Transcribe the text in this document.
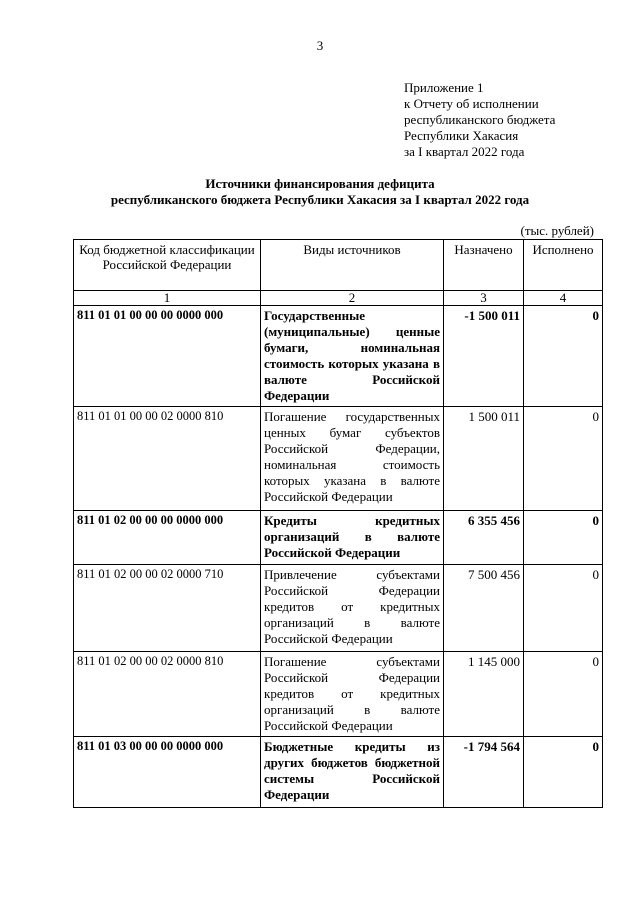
3
Приложение 1
к Отчету об исполнении
республиканского бюджета
Республики Хакасия
за I квартал 2022 года
Источники финансирования дефицита
республиканского бюджета Республики Хакасия за I квартал 2022 года
(тыс. рублей)
Код бюджетной классификации Российской Федерации	Виды источников	Назначено	Исполнено
1	2	3	4
811 01 01 00 00 00 0000 000	Государственные (муниципальные) ценные бумаги, номинальная стоимость которых указана в валюте Российской Федерации	-1 500 011	0
811 01 01 00 00 02 0000 810	Погашение государственных ценных бумаг субъектов Российской Федерации, номинальная стоимость которых указана в валюте Российской Федерации	1 500 011	0
811 01 02 00 00 00 0000 000	Кредиты кредитных организаций в валюте Российской Федерации	6 355 456	0
811 01 02 00 00 02 0000 710	Привлечение субъектами Российской Федерации кредитов от кредитных организаций в валюте Российской Федерации	7 500 456	0
811 01 02 00 00 02 0000 810	Погашение субъектами Российской Федерации кредитов от кредитных организаций в валюте Российской Федерации	1 145 000	0
811 01 03 00 00 00 0000 000	Бюджетные кредиты из других бюджетов бюджетной системы Российской Федерации	-1 794 564	0
